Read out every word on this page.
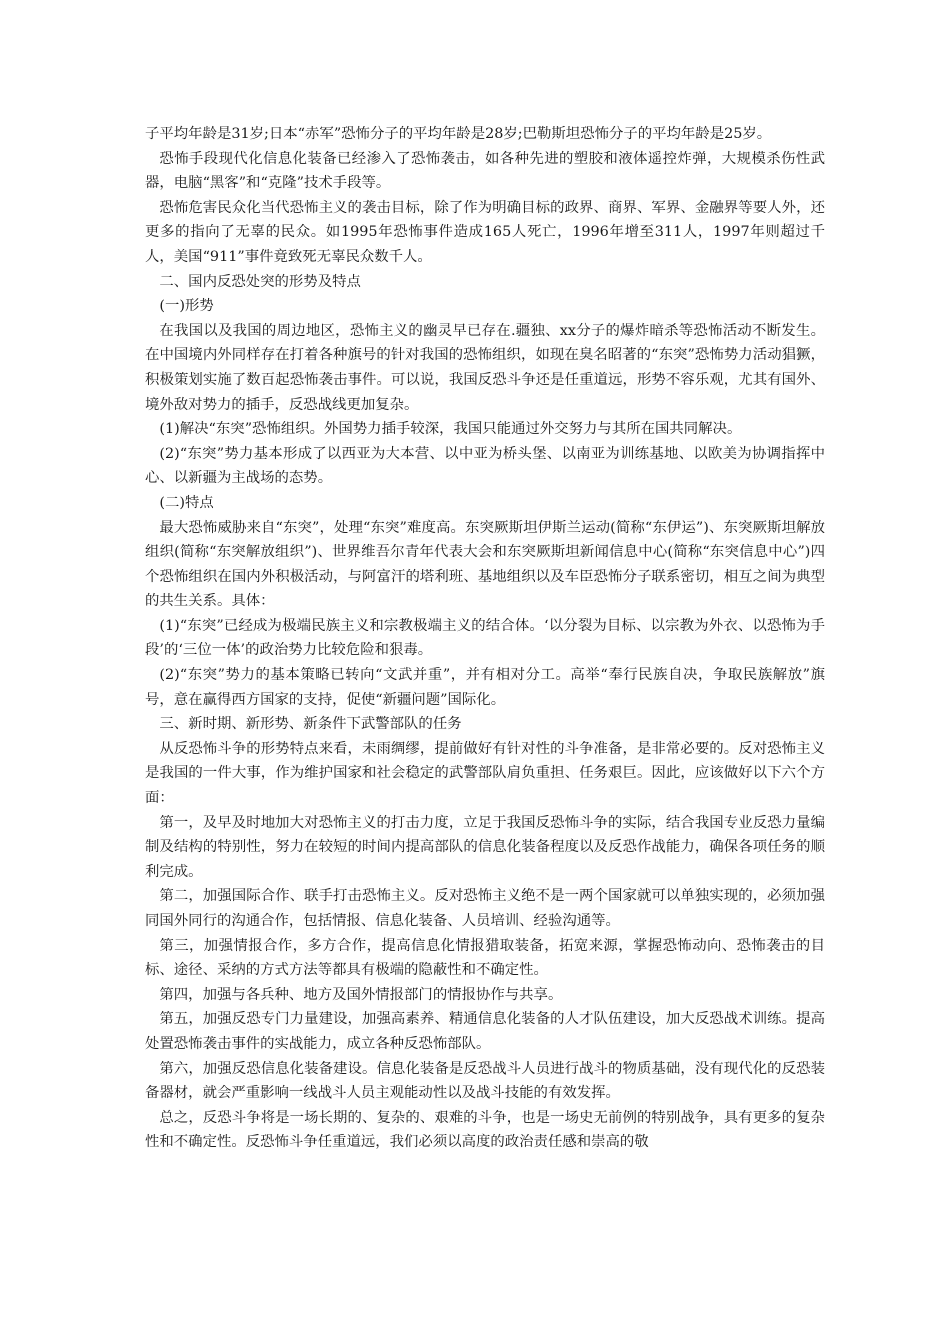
子平均年龄是31岁;日本“赤军”恐怖分子的平均年龄是28岁;巴勒斯坦恐怖分子的平均年龄是25岁。

恐怖手段现代化信息化装备已经渗入了恐怖袭击，如各种先进的塑胶和液体遥控炸弹，大规模杀伤性武器，电脑“黑客”和“克隆”技术手段等。

恐怖危害民众化当代恐怖主义的袭击目标，除了作为明确目标的政界、商界、军界、金融界等要人外，还更多的指向了无辜的民众。如1995年恐怖事件造成165人死亡，1996年增至311人，1997年则超过千人，美国“911”事件竟致死无辜民众数千人。

二、国内反恐处突的形势及特点

(一)形势

在我国以及我国的周边地区，恐怖主义的幽灵早已存在.疆独、xx分子的爆炸暗杀等恐怖活动不断发生。在中国境内外同样存在打着各种旗号的针对我国的恐怖组织，如现在臭名昭著的“东突”恐怖势力活动猖獗，积极策划实施了数百起恐怖袭击事件。可以说，我国反恐斗争还是任重道远，形势不容乐观，尤其有国外、境外敌对势力的插手，反恐战线更加复杂。

(1)解决“东突”恐怖组织。外国势力插手较深，我国只能通过外交努力与其所在国共同解决。

(2)“东突”势力基本形成了以西亚为大本营、以中亚为桥头堡、以南亚为训练基地、以欧美为协调指挥中心、以新疆为主战场的态势。

(二)特点

最大恐怖威胁来自“东突”，处理“东突”难度高。东突厥斯坦伊斯兰运动(简称“东伊运”)、东突厥斯坦解放组织(简称“东突解放组织”)、世界维吾尔青年代表大会和东突厥斯坦新闻信息中心(简称“东突信息中心”)四个恐怖组织在国内外积极活动，与阿富汗的塔利班、基地组织以及车臣恐怖分子联系密切，相互之间为典型的共生关系。具体：

(1)“东突”已经成为极端民族主义和宗教极端主义的结合体。‘以分裂为目标、以宗教为外衣、以恐怖为手段’的‘三位一体’的政治势力比较危险和狠毒。

(2)“东突”势力的基本策略已转向“文武并重”，并有相对分工。高举“奉行民族自决，争取民族解放”旗号，意在赢得西方国家的支持，促使“新疆问题”国际化。

三、新时期、新形势、新条件下武警部队的任务

从反恐怖斗争的形势特点来看，未雨绸缪，提前做好有针对性的斗争准备，是非常必要的。反对恐怖主义是我国的一件大事，作为维护国家和社会稳定的武警部队肩负重担、任务艰巨。因此，应该做好以下六个方面：

第一，及早及时地加大对恐怖主义的打击力度，立足于我国反恐怖斗争的实际，结合我国专业反恐力量编制及结构的特别性，努力在较短的时间内提高部队的信息化装备程度以及反恐作战能力，确保各项任务的顺利完成。

第二，加强国际合作、联手打击恐怖主义。反对恐怖主义绝不是一两个国家就可以单独实现的，必须加强同国外同行的沟通合作，包括情报、信息化装备、人员培训、经验沟通等。

第三，加强情报合作，多方合作，提高信息化情报猎取装备，拓宽来源，掌握恐怖动向、恐怖袭击的目标、途径、采纳的方式方法等都具有极端的隐蔽性和不确定性。

第四，加强与各兵种、地方及国外情报部门的情报协作与共享。

第五，加强反恐专门力量建设，加强高素养、精通信息化装备的人才队伍建设，加大反恐战术训练。提高处置恐怖袭击事件的实战能力，成立各种反恐怖部队。

第六，加强反恐信息化装备建设。信息化装备是反恐战斗人员进行战斗的物质基础，没有现代化的反恐装备器材，就会严重影响一线战斗人员主观能动性以及战斗技能的有效发挥。

总之，反恐斗争将是一场长期的、复杂的、艰难的斗争，也是一场史无前例的特别战争，具有更多的复杂性和不确定性。反恐怖斗争任重道远，我们必须以高度的政治责任感和崇高的敬
